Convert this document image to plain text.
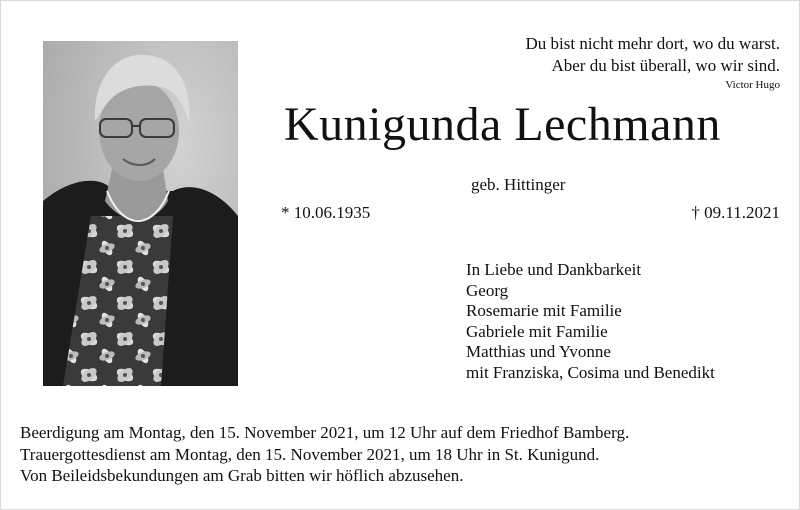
Du bist nicht mehr dort, wo du warst.
Aber du bist überall, wo wir sind.
Victor Hugo
Kunigunda Lechmann
geb. Hittinger
* 10.06.1935	† 09.11.2021
In Liebe und Dankbarkeit
Georg
Rosemarie mit Familie
Gabriele mit Familie
Matthias und Yvonne
mit Franziska, Cosima und Benedikt
Beerdigung am Montag, den 15. November 2021, um 12 Uhr auf dem Friedhof Bamberg.
Trauergottesdienst am Montag, den 15. November 2021, um 18 Uhr in St. Kunigund.
Von Beileidsbekundungen am Grab bitten wir höflich abzusehen.
